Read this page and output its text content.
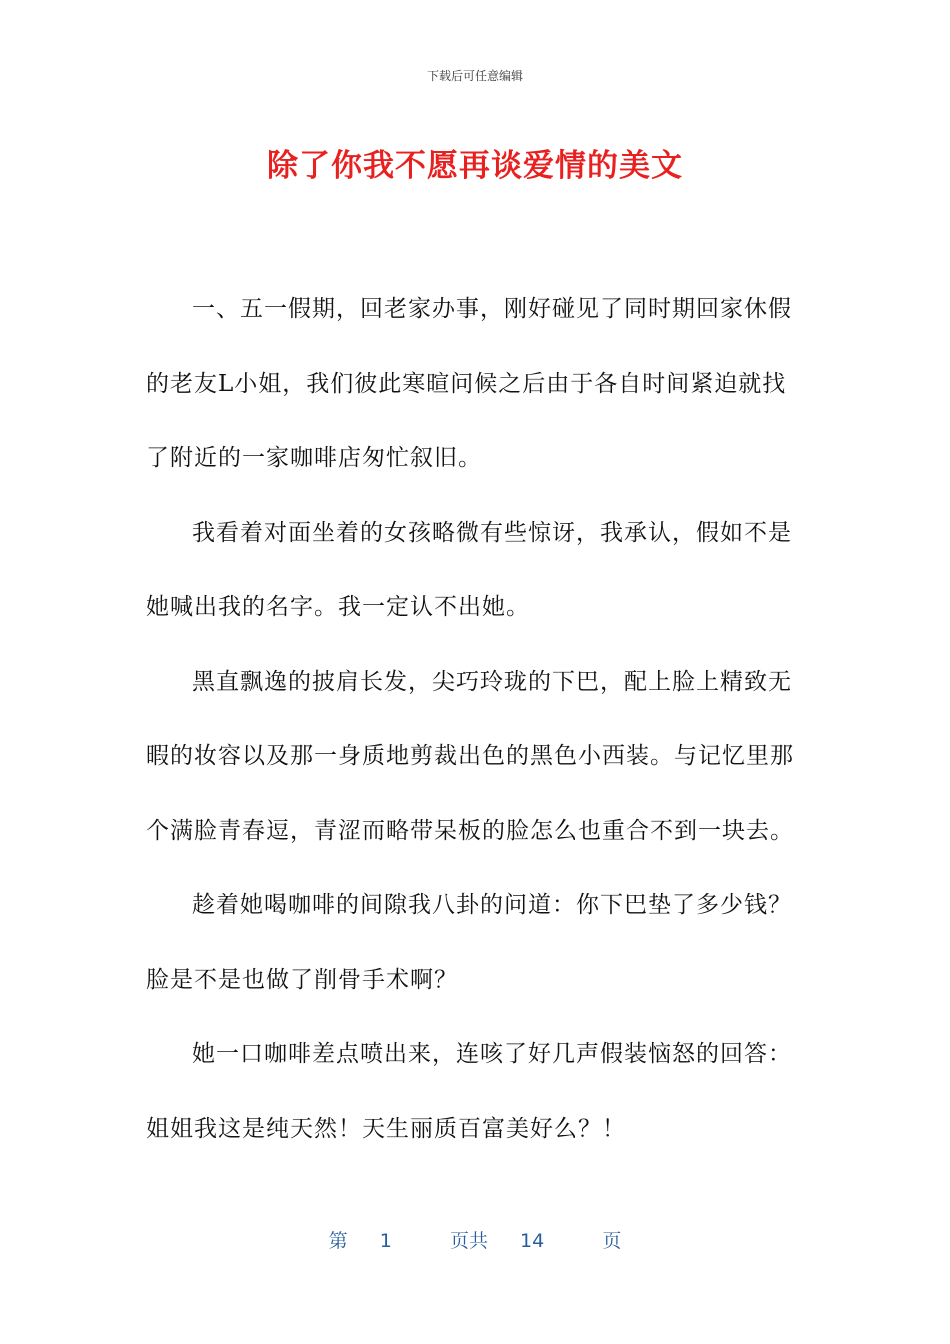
下载后可任意编辑
除了你我不愿再谈爱情的美文

一、五一假期，回老家办事，刚好碰见了同时期回家休假的老友L小姐，我们彼此寒暄问候之后由于各自时间紧迫就找了附近的一家咖啡店匆忙叙旧。

我看着对面坐着的女孩略微有些惊讶，我承认，假如不是她喊出我的名字。我一定认不出她。

黑直飘逸的披肩长发，尖巧玲珑的下巴，配上脸上精致无暇的妆容以及那一身质地剪裁出色的黑色小西装。与记忆里那个满脸青春逗，青涩而略带呆板的脸怎么也重合不到一块去。

趁着她喝咖啡的间隙我八卦的问道：你下巴垫了多少钱？脸是不是也做了削骨手术啊？

她一口咖啡差点喷出来，连咳了好几声假装恼怒的回答：姐姐我这是纯天然！天生丽质百富美好么？！

第 1	页共 14	页
